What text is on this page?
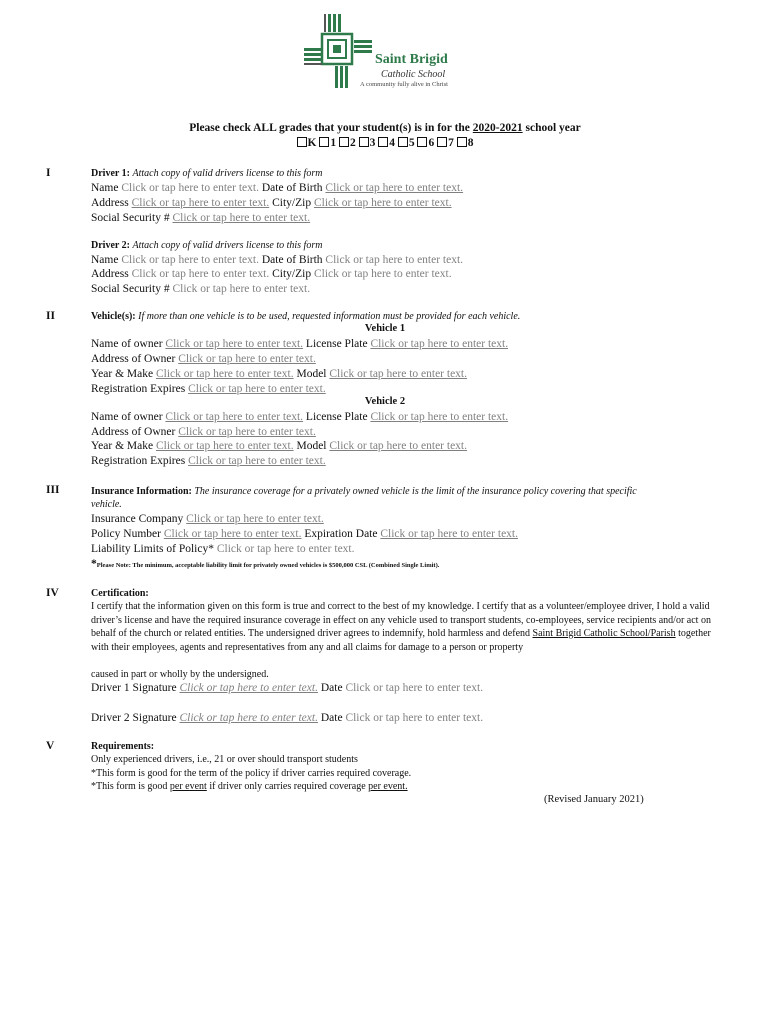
Saint Brigid
Catholic School
A community fully alive in Christ
Please check ALL grades that your student(s) is in for the 2020-2021 school year
K 1 2 3 4 5 6 7 8
I	Driver 1: Attach copy of valid drivers license to this form
Name Click or tap here to enter text. Date of Birth Click or tap here to enter text.
Address Click or tap here to enter text. City/Zip Click or tap here to enter text.
Social Security # Click or tap here to enter text.
Driver 2: Attach copy of valid drivers license to this form
Name Click or tap here to enter text. Date of Birth Click or tap here to enter text.
Address Click or tap here to enter text. City/Zip Click or tap here to enter text.
Social Security # Click or tap here to enter text.
II	Vehicle(s): If more than one vehicle is to be used, requested information must be provided for each vehicle.
Vehicle 1
Name of owner Click or tap here to enter text. License Plate Click or tap here to enter text.
Address of Owner Click or tap here to enter text.
Year & Make Click or tap here to enter text. Model Click or tap here to enter text.
Registration Expires Click or tap here to enter text.
Vehicle 2
Name of owner Click or tap here to enter text. License Plate Click or tap here to enter text.
Address of Owner Click or tap here to enter text.
Year & Make Click or tap here to enter text. Model Click or tap here to enter text.
Registration Expires Click or tap here to enter text.
III	Insurance Information: The insurance coverage for a privately owned vehicle is the limit of the insurance policy covering that specific
vehicle.
Insurance Company Click or tap here to enter text.
Policy Number Click or tap here to enter text. Expiration Date Click or tap here to enter text.
Liability Limits of Policy* Click or tap here to enter text.
*Please Note: The minimum, acceptable liability limit for privately owned vehicles is $500,000 CSL (Combined Single Limit).
IV	Certification:
I certify that the information given on this form is true and correct to the best of my knowledge. I certify that as a volunteer/employee driver, I hold a valid driver’s license and have the required insurance coverage in effect on any vehicle used to transport students, co-employees, service recipients and/or act on behalf of the church or related entities. The undersigned driver agrees to indemnify, hold harmless and defend Saint Brigid Catholic School/Parish together with their employees, agents and representatives from any and all claims for damage to a person or property
caused in part or wholly by the undersigned.
Driver 1 Signature Click or tap here to enter text. Date Click or tap here to enter text.
Driver 2 Signature Click or tap here to enter text. Date Click or tap here to enter text.
V	Requirements:
Only experienced drivers, i.e., 21 or over should transport students
*This form is good for the term of the policy if driver carries required coverage.
*This form is good per event if driver only carries required coverage per event.
(Revised January 2021)
